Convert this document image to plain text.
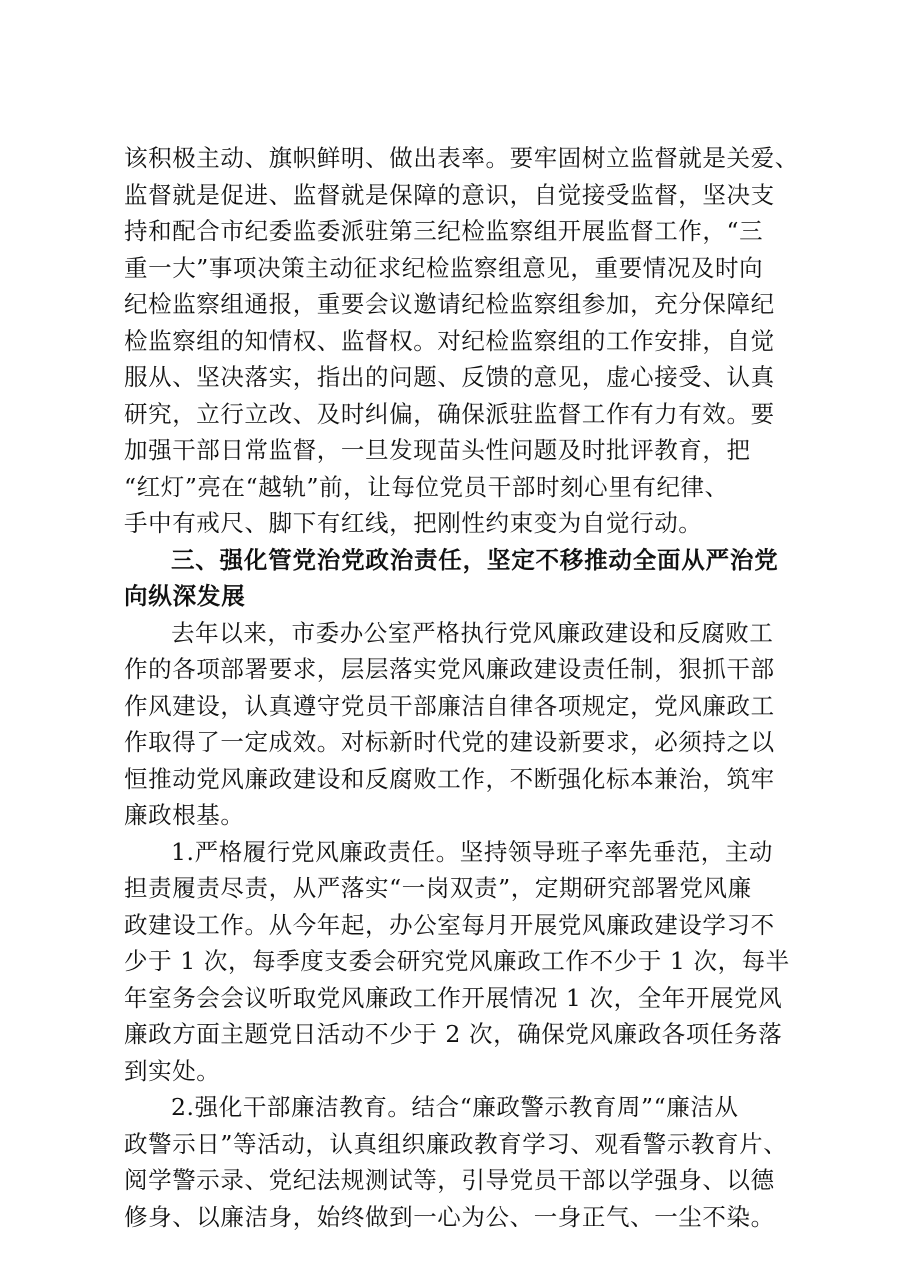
该积极主动、旗帜鲜明、做出表率。要牢固树立监督就是关爱、
监督就是促进、监督就是保障的意识，自觉接受监督，坚决支
持和配合市纪委监委派驻第三纪检监察组开展监督工作，“三
重一大”事项决策主动征求纪检监察组意见，重要情况及时向
纪检监察组通报，重要会议邀请纪检监察组参加，充分保障纪
检监察组的知情权、监督权。对纪检监察组的工作安排，自觉
服从、坚决落实，指出的问题、反馈的意见，虚心接受、认真
研究，立行立改、及时纠偏，确保派驻监督工作有力有效。要
加强干部日常监督，一旦发现苗头性问题及时批评教育，把
“红灯”亮在“越轨”前，让每位党员干部时刻心里有纪律、
手中有戒尺、脚下有红线，把刚性约束变为自觉行动。
三、强化管党治党政治责任，坚定不移推动全面从严治党
向纵深发展
去年以来，市委办公室严格执行党风廉政建设和反腐败工
作的各项部署要求，层层落实党风廉政建设责任制，狠抓干部
作风建设，认真遵守党员干部廉洁自律各项规定，党风廉政工
作取得了一定成效。对标新时代党的建设新要求，必须持之以
恒推动党风廉政建设和反腐败工作，不断强化标本兼治，筑牢
廉政根基。
1.严格履行党风廉政责任。坚持领导班子率先垂范，主动
担责履责尽责，从严落实“一岗双责”，定期研究部署党风廉
政建设工作。从今年起，办公室每月开展党风廉政建设学习不
少于 1 次，每季度支委会研究党风廉政工作不少于 1 次，每半
年室务会会议听取党风廉政工作开展情况 1 次，全年开展党风
廉政方面主题党日活动不少于 2 次，确保党风廉政各项任务落
到实处。
2.强化干部廉洁教育。结合“廉政警示教育周”“廉洁从
政警示日”等活动，认真组织廉政教育学习、观看警示教育片、
阅学警示录、党纪法规测试等，引导党员干部以学强身、以德
修身、以廉洁身，始终做到一心为公、一身正气、一尘不染。
